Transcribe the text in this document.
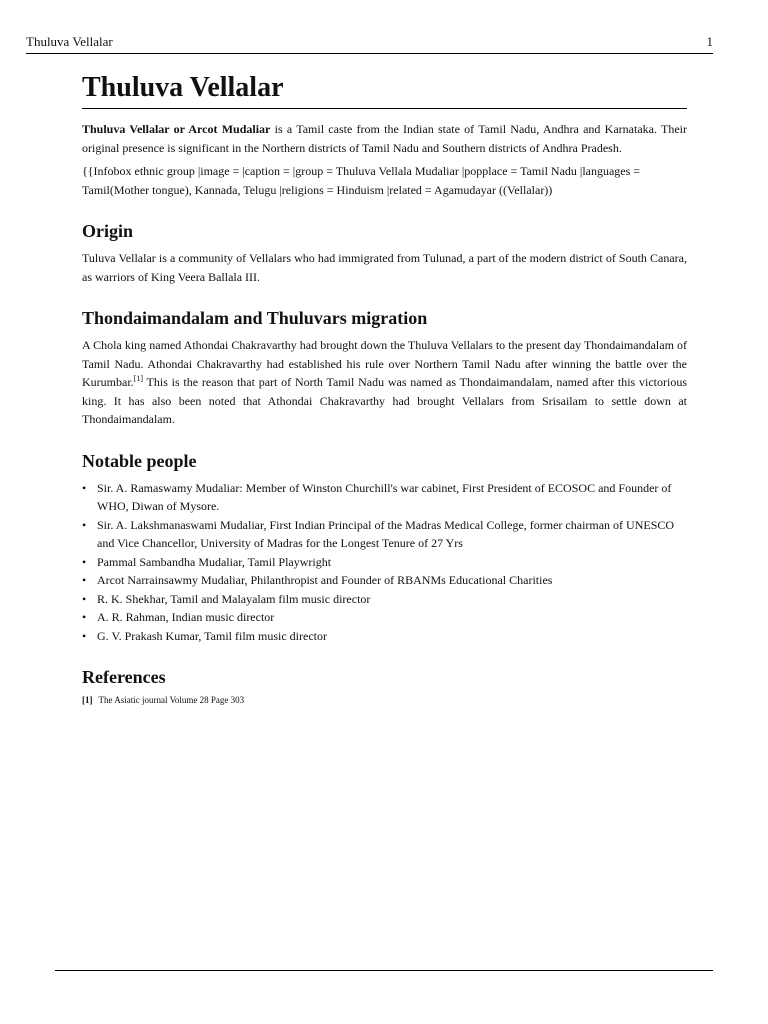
Thuluva Vellalar	1
Thuluva Vellalar

Thuluva Vellalar or Arcot Mudaliar is a Tamil caste from the Indian state of Tamil Nadu, Andhra and Karnataka. Their original presence is significant in the Northern districts of Tamil Nadu and Southern districts of Andhra Pradesh.

{{Infobox ethnic group |image = |caption = |group = Thuluva Vellala Mudaliar |popplace = Tamil Nadu |languages = Tamil(Mother tongue), Kannada, Telugu |religions = Hinduism |related = Agamudayar ((Vellalar))

Origin

Tuluva Vellalar is a community of Vellalars who had immigrated from Tulunad, a part of the modern district of South Canara, as warriors of King Veera Ballala III.

Thondaimandalam and Thuluvars migration

A Chola king named Athondai Chakravarthy had brought down the Thuluva Vellalars to the present day Thondaimandalam of Tamil Nadu. Athondai Chakravarthy had established his rule over Northern Tamil Nadu after winning the battle over the Kurumbar.[1] This is the reason that part of North Tamil Nadu was named as Thondaimandalam, named after this victorious king. It has also been noted that Athondai Chakravarthy had brought Vellalars from Srisailam to settle down at Thondaimandalam.

Notable people
• Sir. A. Ramaswamy Mudaliar: Member of Winston Churchill's war cabinet, First President of ECOSOC and Founder of WHO, Diwan of Mysore.
• Sir. A. Lakshmanaswami Mudaliar, First Indian Principal of the Madras Medical College, former chairman of UNESCO and Vice Chancellor, University of Madras for the Longest Tenure of 27 Yrs
• Pammal Sambandha Mudaliar, Tamil Playwright
• Arcot Narrainsawmy Mudaliar, Philanthropist and Founder of RBANMs Educational Charities
• R. K. Shekhar, Tamil and Malayalam film music director
• A. R. Rahman, Indian music director
• G. V. Prakash Kumar, Tamil film music director
References
[1] The Asiatic journal Volume 28 Page 303
